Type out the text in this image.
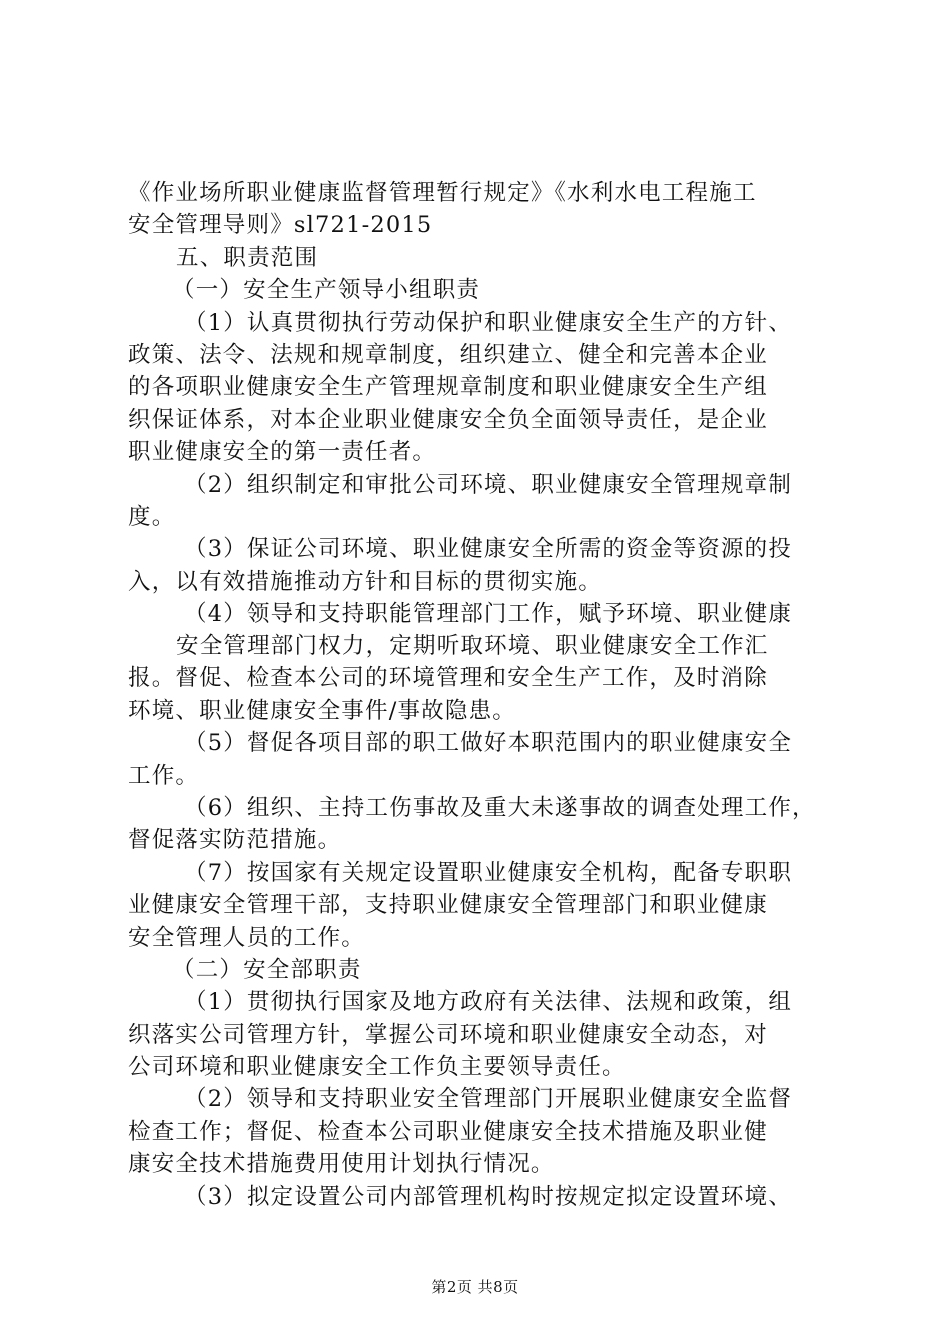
《作业场所职业健康监督管理暂行规定》《水利水电工程施工
安全管理导则》sl721-2015
五、职责范围
（一）安全生产领导小组职责
（1）认真贯彻执行劳动保护和职业健康安全生产的方针、
政策、法令、法规和规章制度，组织建立、健全和完善本企业
的各项职业健康安全生产管理规章制度和职业健康安全生产组
织保证体系，对本企业职业健康安全负全面领导责任，是企业
职业健康安全的第一责任者。
（2）组织制定和审批公司环境、职业健康安全管理规章制
度。
（3）保证公司环境、职业健康安全所需的资金等资源的投
入，以有效措施推动方针和目标的贯彻实施。
（4）领导和支持职能管理部门工作，赋予环境、职业健康
安全管理部门权力，定期听取环境、职业健康安全工作汇
报。督促、检查本公司的环境管理和安全生产工作，及时消除
环境、职业健康安全事件/事故隐患。
（5）督促各项目部的职工做好本职范围内的职业健康安全
工作。
（6）组织、主持工伤事故及重大未遂事故的调查处理工作，
督促落实防范措施。
（7）按国家有关规定设置职业健康安全机构，配备专职职
业健康安全管理干部，支持职业健康安全管理部门和职业健康
安全管理人员的工作。
（二）安全部职责
（1）贯彻执行国家及地方政府有关法律、法规和政策，组
织落实公司管理方针，掌握公司环境和职业健康安全动态，对
公司环境和职业健康安全工作负主要领导责任。
（2）领导和支持职业安全管理部门开展职业健康安全监督
检查工作；督促、检查本公司职业健康安全技术措施及职业健
康安全技术措施费用使用计划执行情况。
（3）拟定设置公司内部管理机构时按规定拟定设置环境、
第2页 共8页
